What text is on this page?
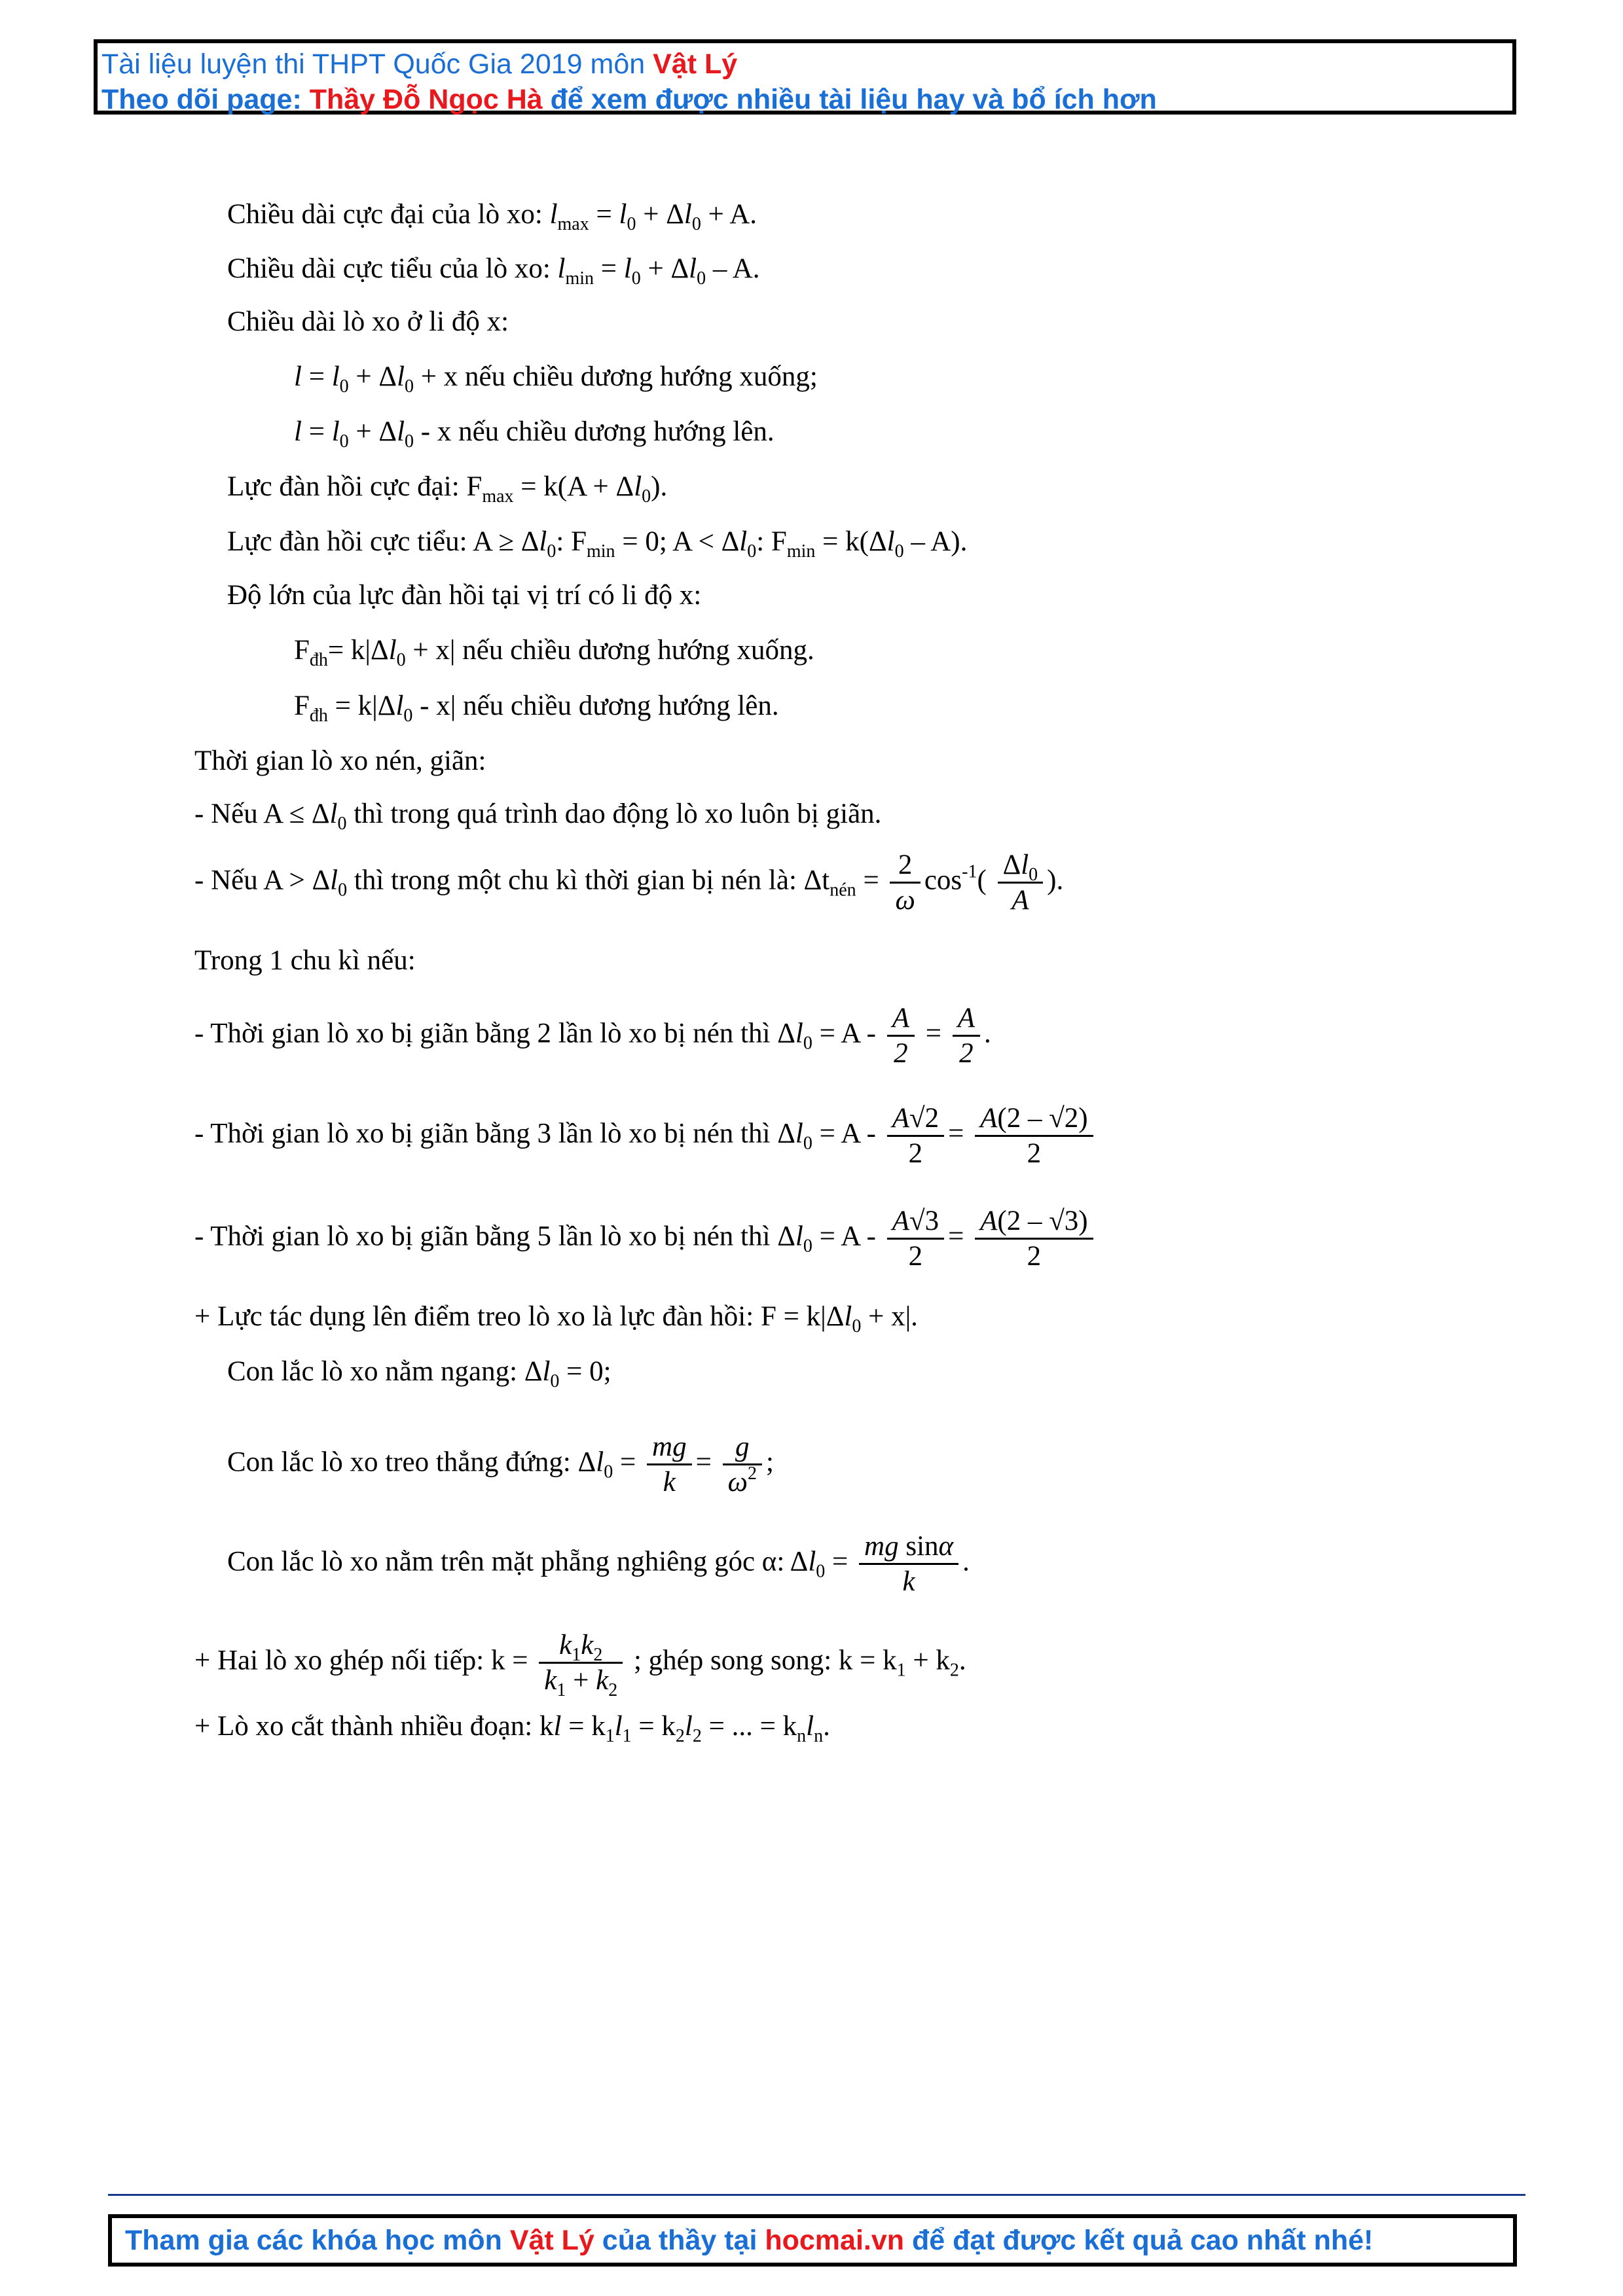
Tài liệu luyện thi THPT Quốc Gia 2019 môn Vật Lý
Theo dõi page: Thầy Đỗ Ngọc Hà để xem được nhiều tài liệu hay và bổ ích hơn
Chiều dài cực đại của lò xo: $l_{max} = l_0 + \Delta l_0 + A$.
Chiều dài cực tiểu của lò xo: $l_{min} = l_0 + \Delta l_0 - A$.
Chiều dài lò xo ở li độ x:
$l = l_0 + \Delta l_0 + x$ nếu chiều dương hướng xuống;
$l = l_0 + \Delta l_0 - x$ nếu chiều dương hướng lên.
Lực đàn hồi cực đại: $F_{max} = k(A + \Delta l_0)$.
Lực đàn hồi cực tiểu: $A \ge \Delta l_0$: $F_{min} = 0$; $A < \Delta l_0$: $F_{min} = k(\Delta l_0 - A)$.
Độ lớn của lực đàn hồi tại vị trí có li độ x:
$F_{đh}= k|\Delta l_0 + x|$ nếu chiều dương hướng xuống.
$F_{đh} = k|\Delta l_0 - x|$ nếu chiều dương hướng lên.
Thời gian lò xo nén, giãn:
- Nếu $A \le \Delta l_0$ thì trong quá trình dao động lò xo luôn bị giãn.
- Nếu $A > \Delta l_0$ thì trong một chu kì thời gian bị nén là: $\Delta t_{nén} = \frac{2}{\omega} \cos^{-1}( \frac{\Delta l_0}{A}$ ).
Trong 1 chu kì nếu:
- Thời gian lò xo bị giãn bằng 2 lần lò xo bị nén thì $\Delta l_0 = A - \frac{A}{2} = \frac{A}{2}$ .
- Thời gian lò xo bị giãn bằng 3 lần lò xo bị nén thì $\Delta l_0 = A - \frac{A√2}{2} = \frac{A(2 - √2)}{2}$
- Thời gian lò xo bị giãn bằng 5 lần lò xo bị nén thì $\Delta l_0 = A - \frac{A√3}{2} = \frac{A(2 - √3)}{2}$
+ Lực tác dụng lên điểm treo lò xo là lực đàn hồi: $F = k|\Delta l_0 + x|$.
Con lắc lò xo nằm ngang: $\Delta l_0 = 0$;
Con lắc lò xo treo thẳng đứng: $\Delta l_0 = \frac{mg}{k} = \frac{g}{\omega^2}$ ;
Con lắc lò xo nằm trên mặt phẵng nghiêng góc α: $\Delta l_0 = \frac{\text{mg sinα}}{k}$ .
+ Hai lò xo ghép nối tiếp: $k = \frac{k_1k_2}{k_1 + k_2}$ ; ghép song song: $k = k_1 + k_2$.
+ Lò xo cắt thành nhiều đoạn: kl = $k_1l_1 = k_2l_2$ = ... = $k_nl_n$.
Tham gia các khóa học môn Vật Lý của thầy tại hocmai.vn để đạt được kết quả cao nhất nhé!
